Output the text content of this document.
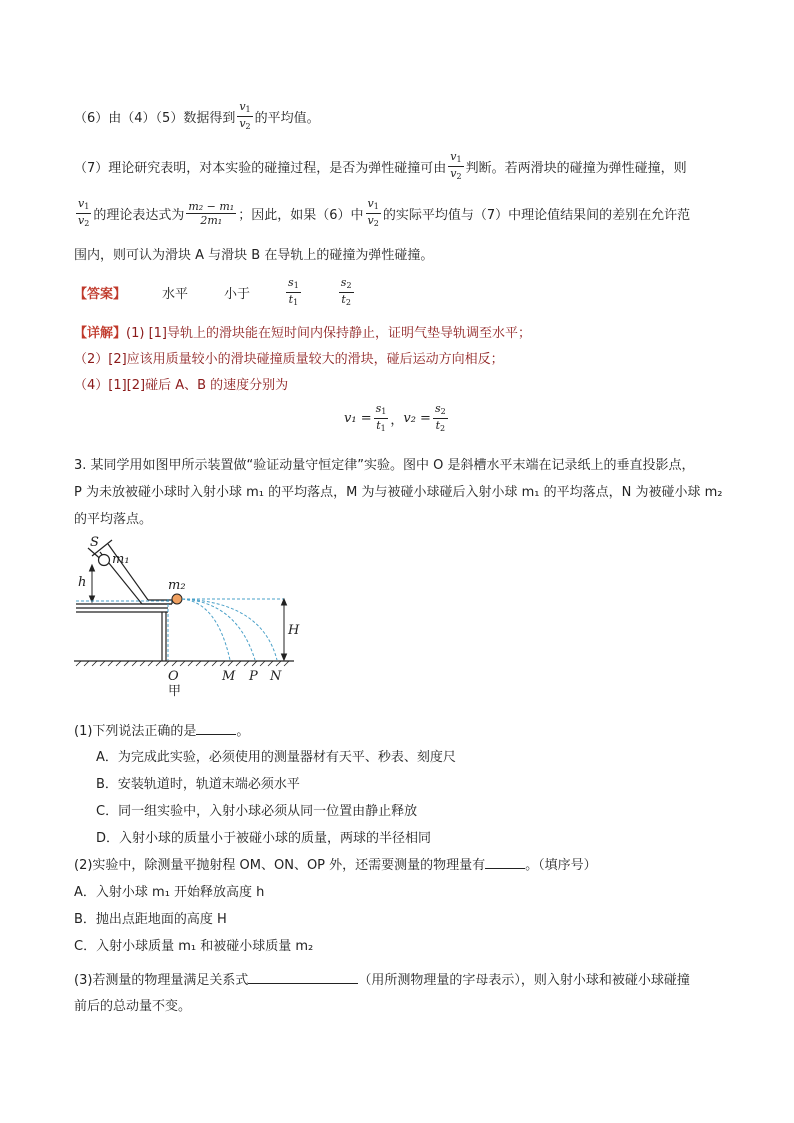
（6）由（4）（5）数据得到 $\frac{v_1}{v_2}$ 的平均值。
（7）理论研究表明，对本实验的碰撞过程，是否为弹性碰撞可由 $\frac{v_1}{v_2}$ 判断。若两滑块的碰撞为弹性碰撞，则
$\frac{v_1}{v_2}$ 的理论表达式为 $\frac{\text{m₂ − m₁}}{\text{2m₁}}$ ；因此，如果（6）中 $\frac{v_1}{v_2}$ 的实际平均值与（7）中理论值结果间的差别在允许范
围内，则可认为滑块 A 与滑块 B 在导轨上的碰撞为弹性碰撞。
【答案】	水平	小于	$\frac{s_1}{t_1}$	$\frac{s_2}{t_2}$
【详解】(1) [1]导轨上的滑块能在短时间内保持静止，证明气垫导轨调至水平；
（2）[2]应该用质量较小的滑块碰撞质量较大的滑块，碰后运动方向相反；
（4）[1][2]碰后 A、B 的速度分别为
$v_1 = \frac{s_1}{t_1}$ ， $v_2 = \frac{s_2}{t_2}$
3. 某同学用如图甲所示装置做“验证动量守恒定律”实验。图中 O 是斜槽水平末端在记录纸上的垂直投影点，
P 为未放被碰小球时入射小球 m₁ 的平均落点，M 为与被碰小球碰后入射小球 m₁ 的平均落点，N 为被碰小球 m₂
的平均落点。
S
m₁
h	m₂
H
O	M P N
甲
(1)下列说法正确的是	。
A．为完成此实验，必须使用的测量器材有天平、秒表、刻度尺
B．安装轨道时，轨道末端必须水平
C．同一组实验中，入射小球必须从同一位置由静止释放
D．入射小球的质量小于被碰小球的质量，两球的半径相同
(2)实验中，除测量平抛射程 OM、ON、OP 外，还需要测量的物理量有	。（填序号）
A．入射小球 m₁ 开始释放高度 h
B．抛出点距地面的高度 H
C．入射小球质量 m₁ 和被碰小球质量 m₂
(3)若测量的物理量满足关系式	（用所测物理量的字母表示），则入射小球和被碰小球碰撞
前后的总动量不变。
